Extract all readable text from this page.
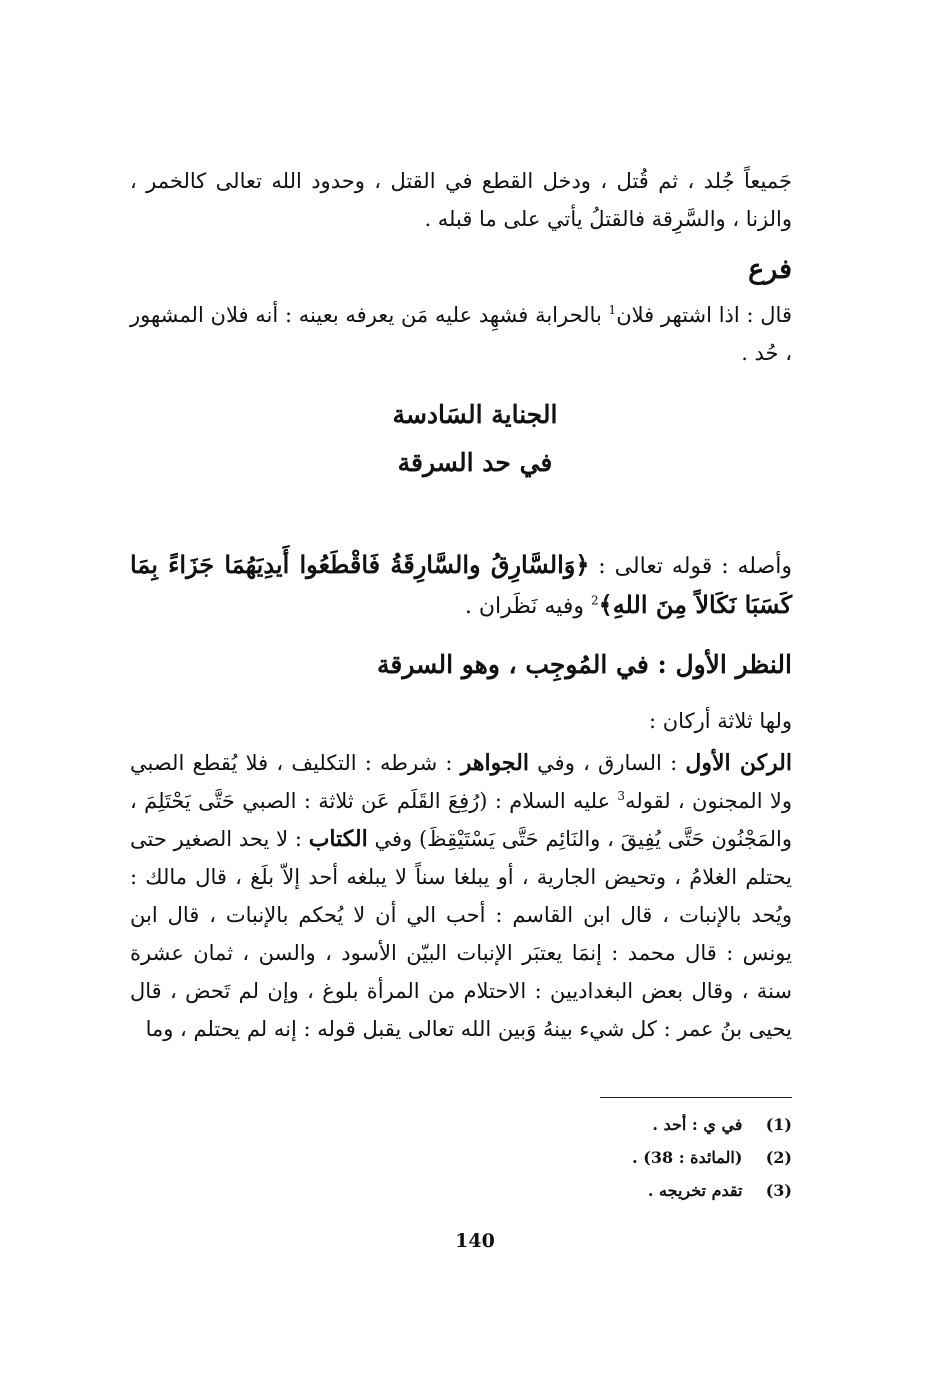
جَميعاً جُلد ، ثم قُتل ، ودخل القطع في القتل ، وحدود الله تعالى كالخمر ، والزنا ، والسَّرِقة فالقتلُ يأتي على ما قبله .

فرع

قال : اذا اشتهر فلان$^1$ بالحرابة فشهِد عليه مَن يعرفه بعينه : أنه فلان المشهور ، حُد .

الجناية السَادسة

في حد السرقة

وأصله : قوله تعالى : ﴿وَالسَّارِقُ والسَّارِقَةُ فَاقْطَعُوا أَيدِيَهُمَا جَزَاءً بِمَا كَسَبَا نَكَالاً مِنَ اللهِ﴾$^2$ وفيه نَظَران .

النظر الأول : في المُوجِب ، وهو السرقة

ولها ثلاثة أركان :

الركن الأول : السارق ، وفي الجواهر : شرطه : التكليف ، فلا يُقطع الصبي ولا المجنون ، لقوله$^3$ عليه السلام : (رُفِعَ القَلَم عَن ثلاثة : الصبي حَتَّى يَحْتَلِمَ ، والمَجْنُون حَتَّى يُفِيقَ ، والنَائِم حَتَّى يَسْتَيْقِظَ) وفي الكتاب : لا يحد الصغير حتى يحتلم الغلامُ ، وتحيض الجارية ، أو يبلغا سناً لا يبلغه أحد إلاّ بلَغ ، قال مالك : ويُحد بالإنبات ، قال ابن القاسم : أحب الي أن لا يُحكم بالإنبات ، قال ابن يونس : قال محمد : إنمَا يعتبَر الإنبات البيّن الأسود ، والسن ، ثمان عشرة سنة ، وقال بعض البغداديين : الاحتلام من المرأة بلوغ ، وإن لم تَحض ، قال يحيى بنُ عمر : كل شيء بينهُ وَبين الله تعالى يقبل قوله : إنه لم يحتلم ، وما

(1) في ي : أحد .

(2) (المائدة : 38) .

(3) تقدم تخريجه .

140
